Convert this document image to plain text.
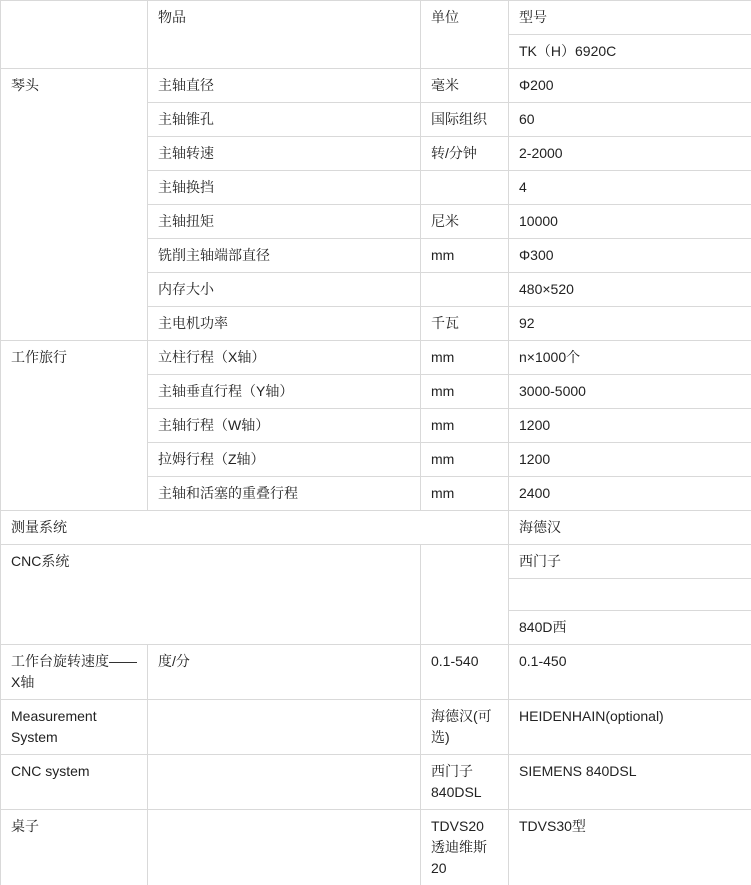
	物品	单位	型号
			TK（H）6920C
琴头	主轴直径	毫米	Φ200
	主轴锥孔	国际组织	60
	主轴转速	转/分钟	2-2000
	主轴换挡		4
	主轴扭矩	尼米	10000
	铣削主轴端部直径	mm	Φ300
	内存大小		480×520
	主电机功率	千瓦	92
工作旅行	立柱行程（X轴）	mm	n×1000个
	主轴垂直行程（Y轴）	mm	3000-5000
	主轴行程（W轴）	mm	1200
	拉姆行程（Z轴）	mm	1200
	主轴和活塞的重叠行程	mm	2400
测量系统			海德汉
CNC系统			西门子

			840D西
工作台旋转速度——X轴	度/分	0.1-540	0.1-450
Measurement System		海德汉(可选)	HEIDENHAIN(optional)
CNC system		西门子 840DSL	SIEMENS 840DSL
桌子		TDVS20 透迪维斯20	TDVS30型
